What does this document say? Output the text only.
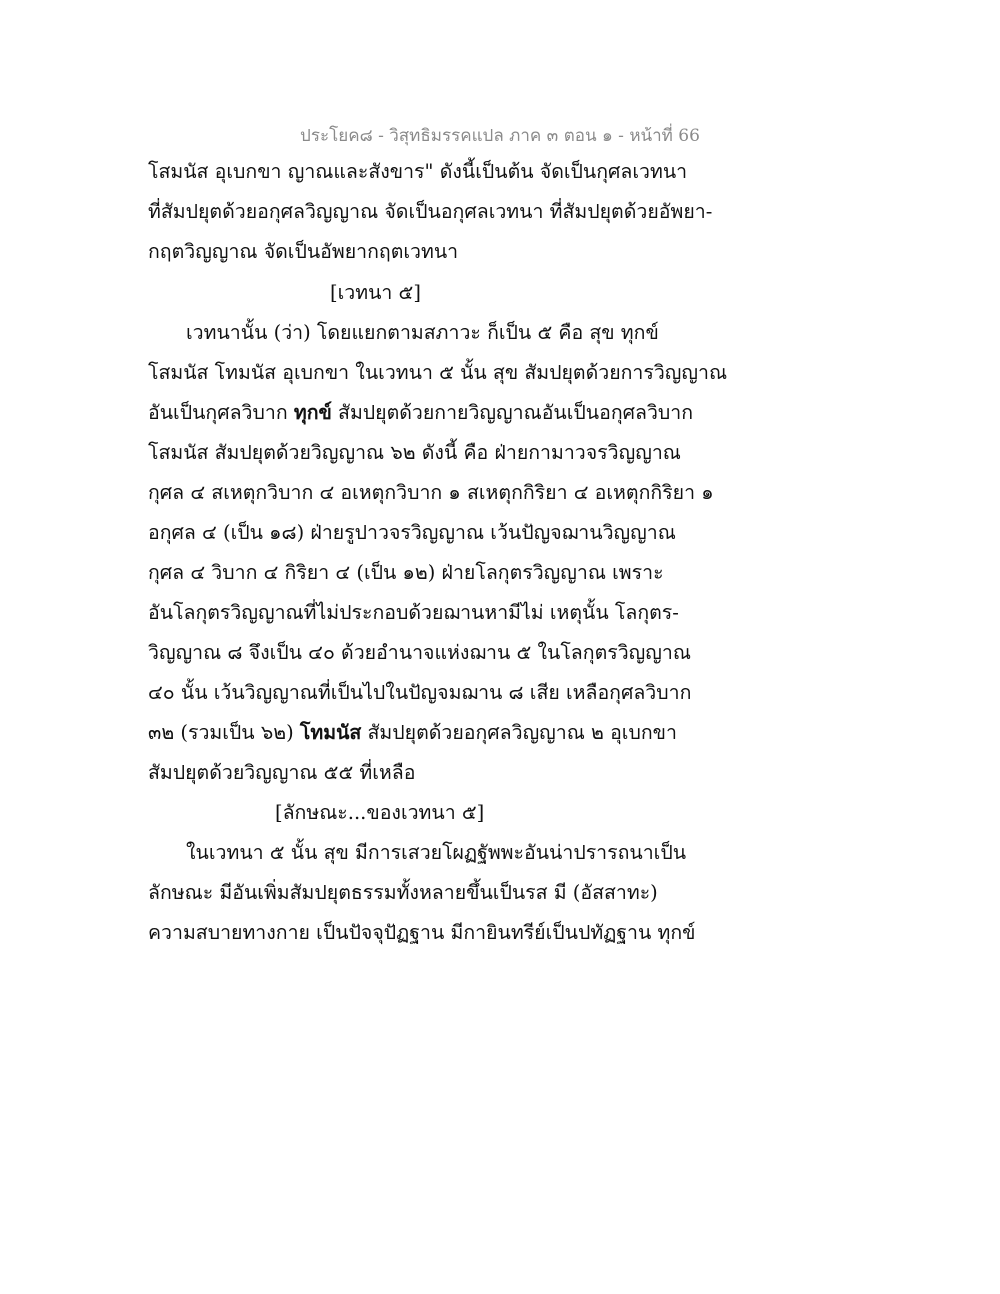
ประโยค๘ - วิสุทธิมรรคแปล ภาค ๓ ตอน ๑ - หน้าที่ 66
โสมนัส อุเบกขา ญาณและสังขาร" ดังนี้เป็นต้น จัดเป็นกุศลเวทนา
ที่สัมปยุตด้วยอกุศลวิญญาณ จัดเป็นอกุศลเวทนา ที่สัมปยุตด้วยอัพยา-
กฤตวิญญาณ จัดเป็นอัพยากฤตเวทนา
[เวทนา ๕]
เวทนานั้น (ว่า) โดยแยกตามสภาวะ ก็เป็น ๕ คือ สุข ทุกข์
โสมนัส โทมนัส อุเบกขา ในเวทนา ๕ นั้น สุข สัมปยุตด้วยการวิญญาณ
อันเป็นกุศลวิบาก ทุกข์ สัมปยุตด้วยกายวิญญาณอันเป็นอกุศลวิบาก
โสมนัส สัมปยุตด้วยวิญญาณ ๖๒ ดังนี้ คือ ฝ่ายกามาวจรวิญญาณ
กุศล ๔ สเหตุกวิบาก ๔ อเหตุกวิบาก ๑ สเหตุกกิริยา ๔ อเหตุกกิริยา ๑
อกุศล ๔ (เป็น ๑๘) ฝ่ายรูปาวจรวิญญาณ เว้นปัญจฌานวิญญาณ
กุศล ๔ วิบาก ๔ กิริยา ๔ (เป็น ๑๒) ฝ่ายโลกุตรวิญญาณ เพราะ
อันโลกุตรวิญญาณที่ไม่ประกอบด้วยฌานหามีไม่ เหตุนั้น โลกุตร-
วิญญาณ ๘ จึงเป็น ๔๐ ด้วยอำนาจแห่งฌาน ๕ ในโลกุตรวิญญาณ
๔๐ นั้น เว้นวิญญาณที่เป็นไปในปัญจมฌาน ๘ เสีย เหลือกุศลวิบาก
๓๒ (รวมเป็น ๖๒) โทมนัส สัมปยุตด้วยอกุศลวิญญาณ ๒ อุเบกขา
สัมปยุตด้วยวิญญาณ ๕๕ ที่เหลือ
[ลักษณะ...ของเวทนา ๕]
ในเวทนา ๕ นั้น สุข มีการเสวยโผฏฐัพพะอันน่าปรารถนาเป็น
ลักษณะ มีอันเพิ่มสัมปยุตธรรมทั้งหลายขึ้นเป็นรส มี (อัสสาทะ)
ความสบายทางกาย เป็นปัจจุปัฏฐาน มีกายินทรีย์เป็นปทัฏฐาน ทุกข์
